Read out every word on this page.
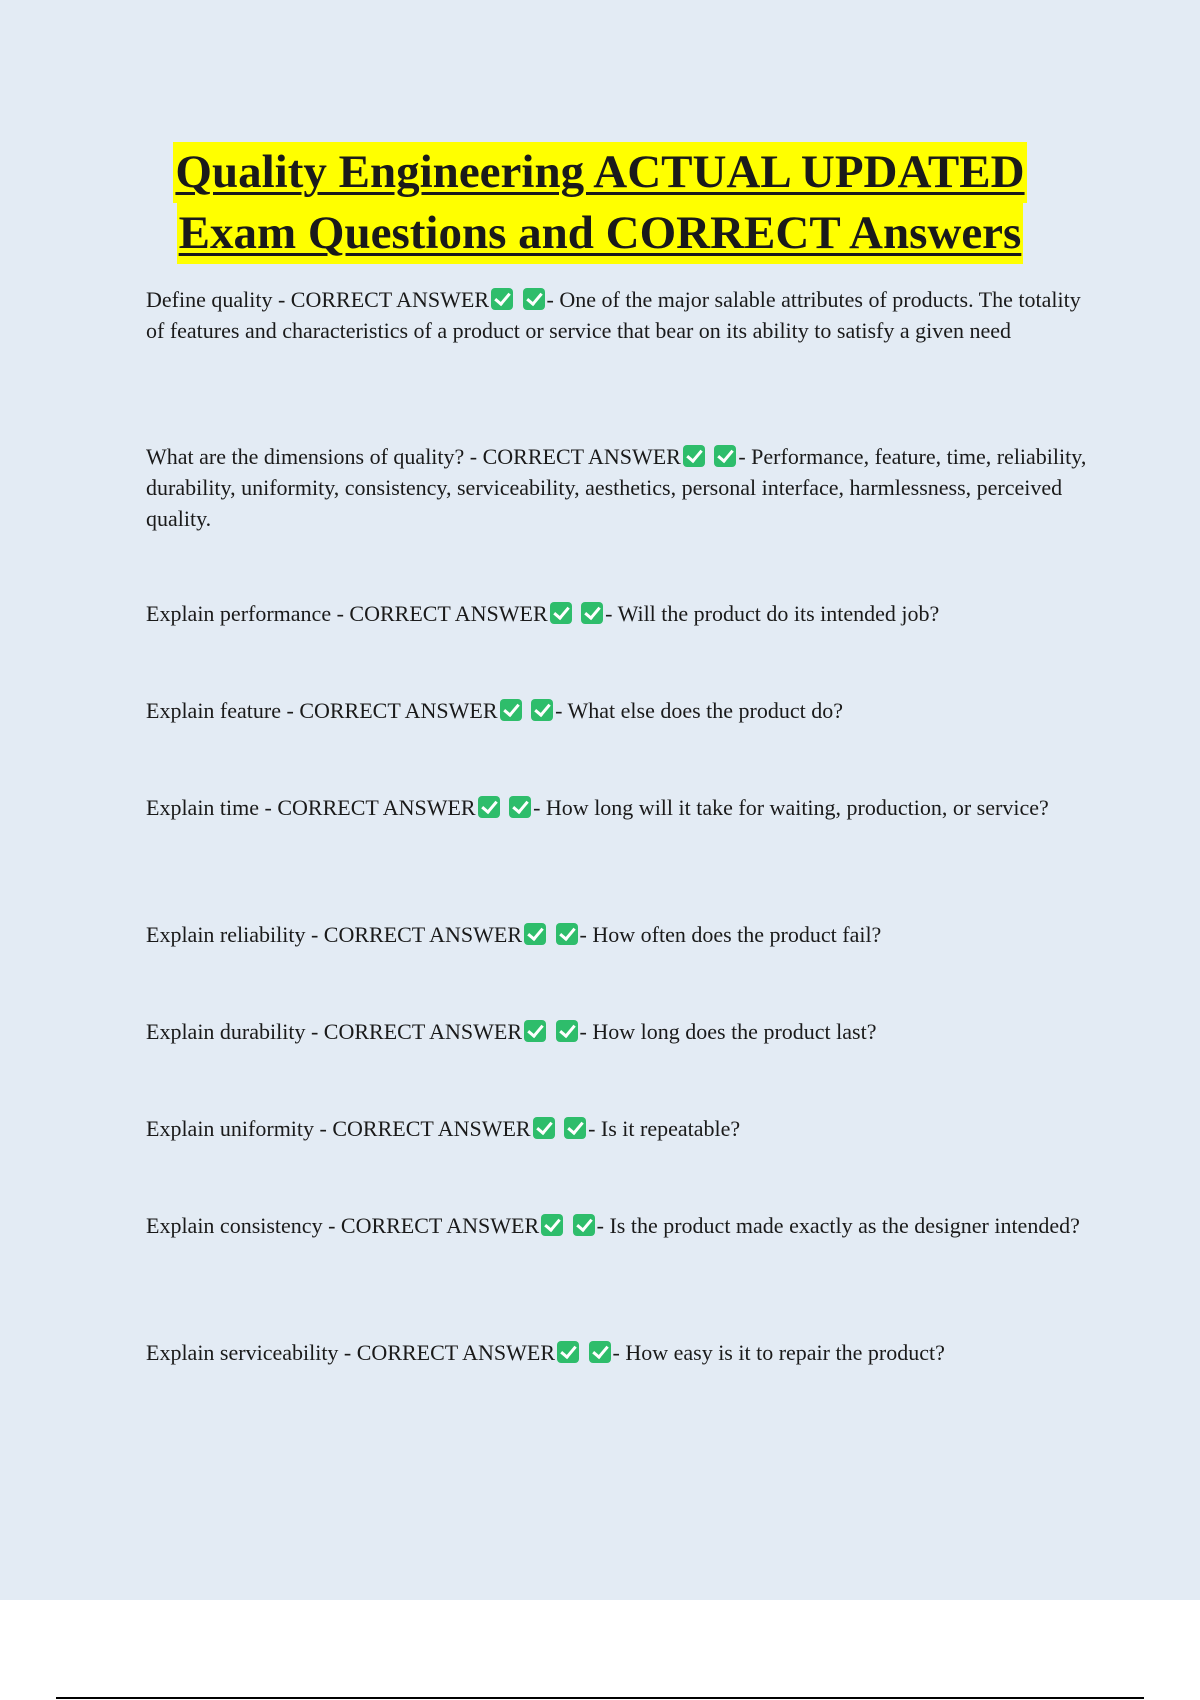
Quality Engineering ACTUAL UPDATED
Exam Questions and CORRECT Answers
Define quality - CORRECT ANSWER	- One of the major salable attributes of products. The totality of features and characteristics of a product or service that bear on its ability to satisfy a given need
What are the dimensions of quality? - CORRECT ANSWER	- Performance, feature, time, reliability, durability, uniformity, consistency, serviceability, aesthetics, personal interface, harmlessness, perceived quality.
Explain performance - CORRECT ANSWER	- Will the product do its intended job?
Explain feature - CORRECT ANSWER	- What else does the product do?
Explain time - CORRECT ANSWER	- How long will it take for waiting, production, or service?
Explain reliability - CORRECT ANSWER	- How often does the product fail?
Explain durability - CORRECT ANSWER	- How long does the product last?
Explain uniformity - CORRECT ANSWER	- Is it repeatable?
Explain consistency - CORRECT ANSWER	- Is the product made exactly as the designer intended?
Explain serviceability - CORRECT ANSWER	- How easy is it to repair the product?
